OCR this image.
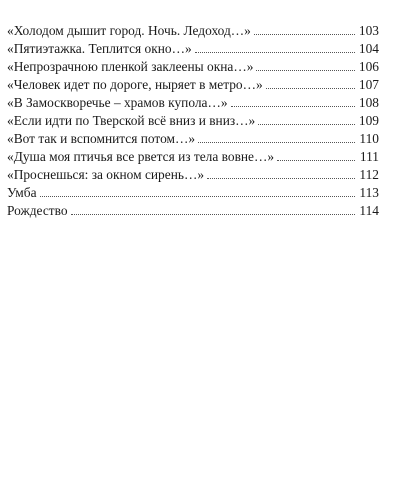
«Холодом дышит город. Ночь. Ледоход…»	103
«Пятиэтажка. Теплится окно…»	104
«Непрозрачною пленкой заклеены окна…»	106
«Человек идет по дороге, ныряет в метро…»	107
«В Замоскворечье – храмов купола…»	108
«Если идти по Тверской всё вниз и вниз…»	109
«Вот так и вспомнится потом…»	110
«Душа моя птичья все рвется из тела вовне…»	111
«Проснешься: за окном сирень…»	112
Умба	113
Рождество	114
